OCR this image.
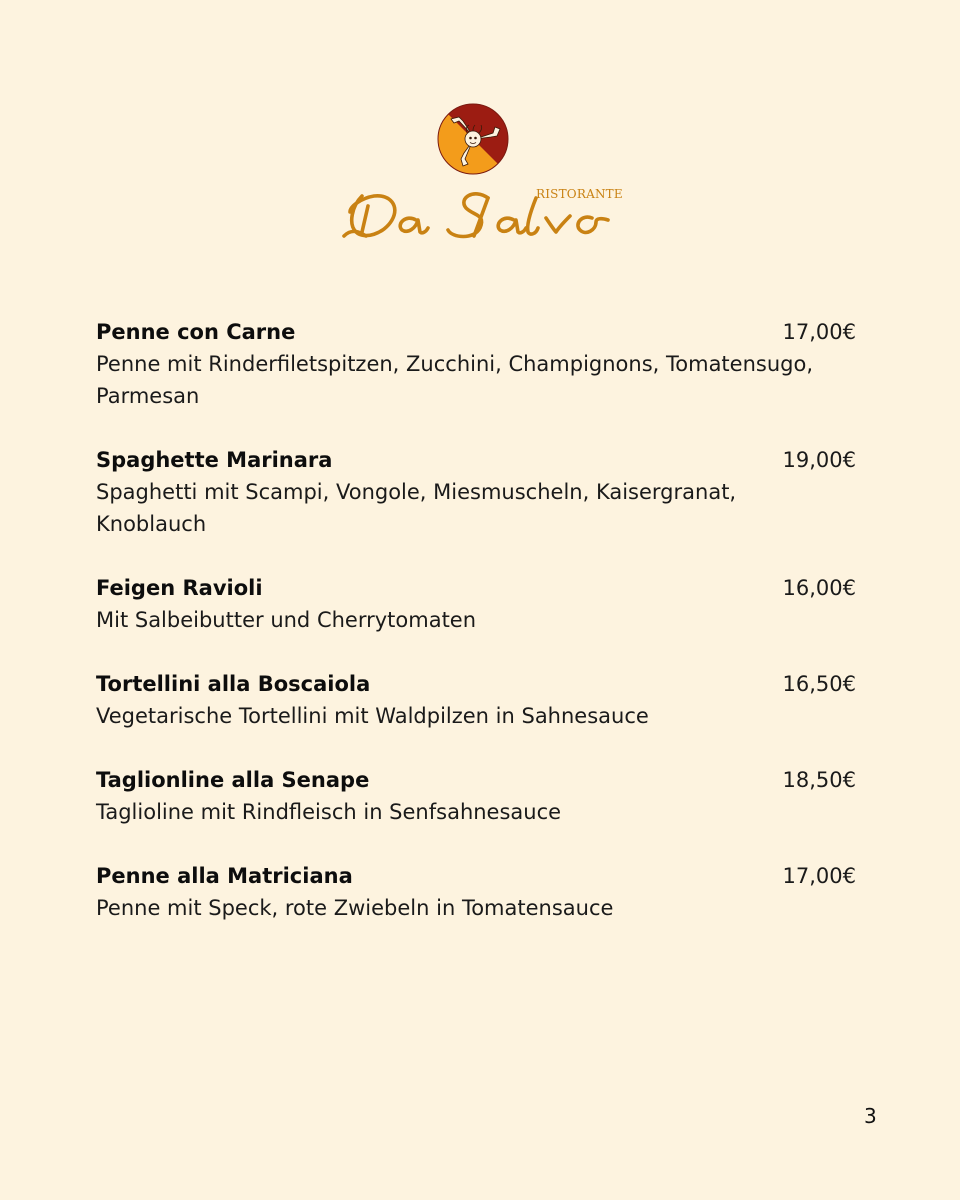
RISTORANTE
Penne con Carne	17,00€
Penne mit Rinderfiletspitzen, Zucchini, Champignons, Tomatensugo, Parmesan
Spaghette Marinara	19,00€
Spaghetti mit Scampi, Vongole, Miesmuscheln, Kaisergranat, Knoblauch
Feigen Ravioli	16,00€
Mit Salbeibutter und Cherrytomaten
Tortellini alla Boscaiola	16,50€
Vegetarische Tortellini mit Waldpilzen in Sahnesauce
Taglionline alla Senape	18,50€
Taglioline mit Rindfleisch in Senfsahnesauce
Penne alla Matriciana	17,00€
Penne mit Speck, rote Zwiebeln in Tomatensauce
3
